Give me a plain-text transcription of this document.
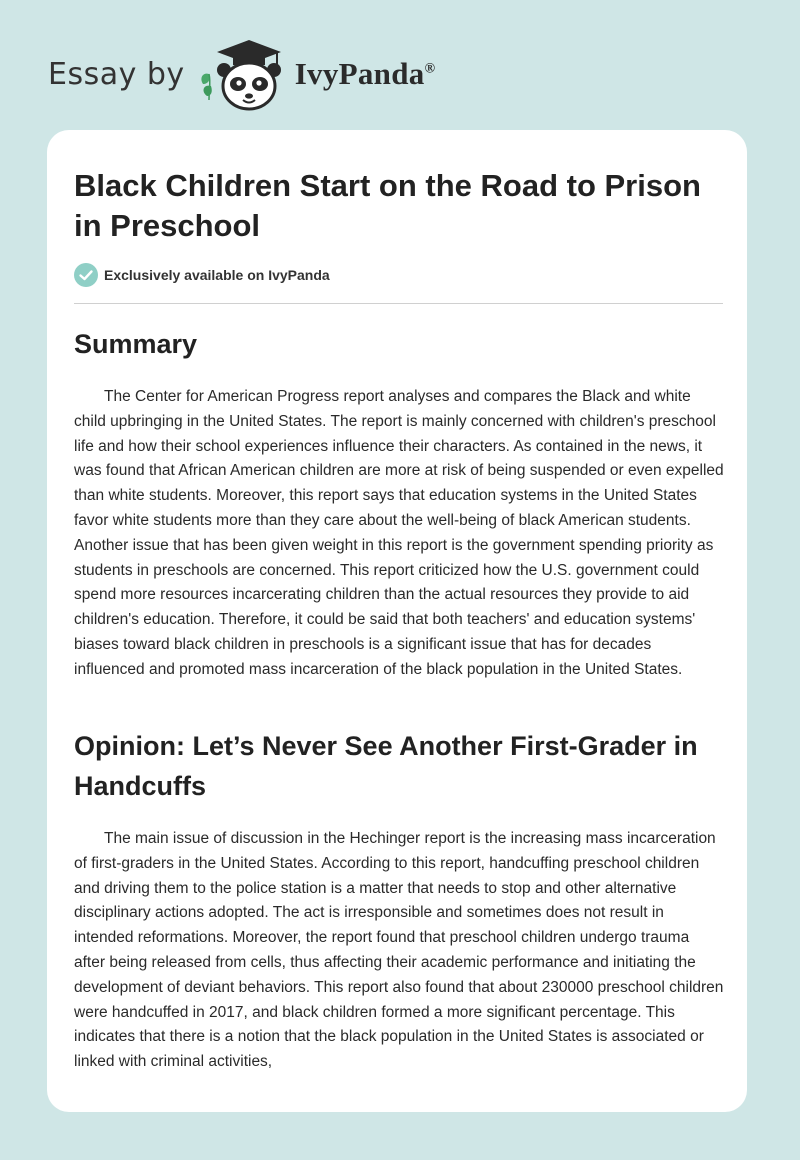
Essay by	IvyPanda®
Black Children Start on the Road to Prison in Preschool
Exclusively available on IvyPanda
Summary

The Center for American Progress report analyses and compares the Black and white child upbringing in the United States. The report is mainly concerned with children's preschool life and how their school experiences influence their characters. As contained in the news, it was found that African American children are more at risk of being suspended or even expelled than white students. Moreover, this report says that education systems in the United States favor white students more than they care about the well-being of black American students. Another issue that has been given weight in this report is the government spending priority as students in preschools are concerned. This report criticized how the U.S. government could spend more resources incarcerating children than the actual resources they provide to aid children's education. Therefore, it could be said that both teachers' and education systems' biases toward black children in preschools is a significant issue that has for decades influenced and promoted mass incarceration of the black population in the United States.

Opinion: Let’s Never See Another First-Grader in Handcuffs

The main issue of discussion in the Hechinger report is the increasing mass incarceration of first-graders in the United States. According to this report, handcuffing preschool children and driving them to the police station is a matter that needs to stop and other alternative disciplinary actions adopted. The act is irresponsible and sometimes does not result in intended reformations. Moreover, the report found that preschool children undergo trauma after being released from cells, thus affecting their academic performance and initiating the development of deviant behaviors. This report also found that about 230000 preschool children were handcuffed in 2017, and black children formed a more significant percentage. This indicates that there is a notion that the black population in the United States is associated or linked with criminal activities,
